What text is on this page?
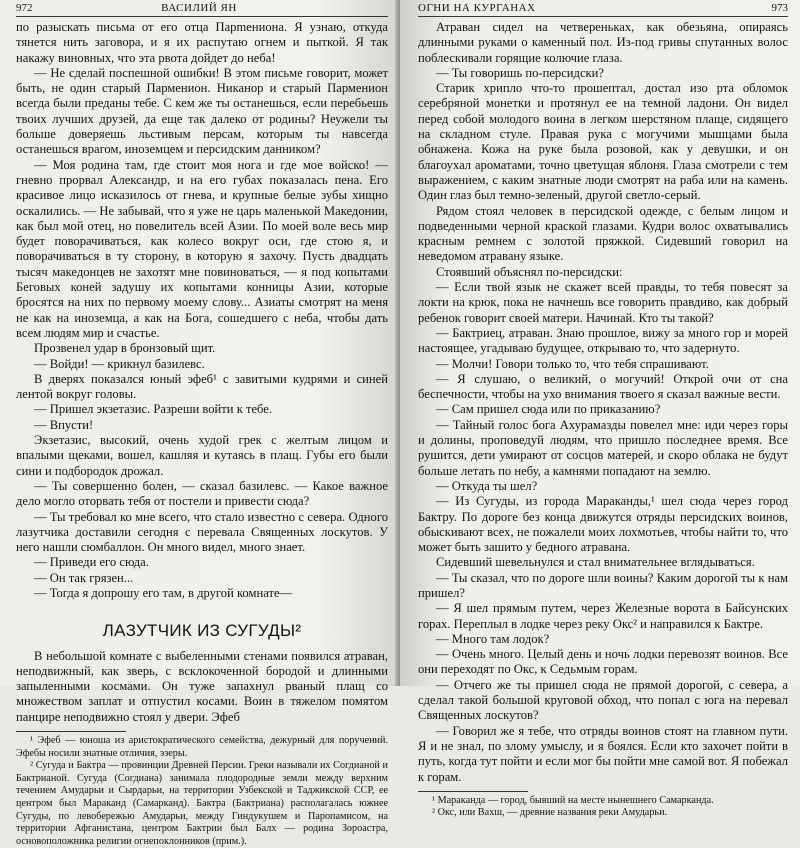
972	ВАСИЛИЙ ЯН

по разыскать письма от его отца Парmeниона. Я узнаю, откуда тянется нить заговора, и я их распутаю огнем и пыткой. Я так накажу виновных, что эта рвота дойдет до неба!

— Не сделай поспешной ошибки! В этом письме говорит, может быть, не один старый Парменион. Никанор и старый Парменион всегда были преданы тебе. С кем же ты останешься, если перебьешь твоих лучших друзей, да еще так далеко от родины? Неужели ты больше доверяешь льстивым персам, которым ты навсегда останешься врагом, иноземцем и персидским данником?

— Моя родина там, где стоит моя нога и где мое войско! — гневно прорвал Александр, и на его губах показалась пена. Его красивое лицо исказилось от гнева, и крупные белые зубы хищно оскалились. — Не забывай, что я уже не царь маленькой Македонии, как был мой отец, но повелитель всей Азии. По моей воле весь мир будет поворачиваться, как колесо вокруг оси, где стою я, и поворачиваться в ту сторону, в которую я захочу. Пусть двадцать тысяч македонцев не захотят мне повиноваться, — я под копытами Беговых коней задушу их копытами конницы Азии, которые бросятся на них по первому моему слову... Азиаты смотрят на меня не как на иноземца, а как на Бога, сошедшего с неба, чтобы дать всем людям мир и счастье.

Прозвенел удар в бронзовый щит.

— Войди! — крикнул базилевс.

В дверях показался юный эфеб¹ с завитыми кудрями и синей лентой вокруг головы.

— Пришел экзетазис. Разреши войти к тебе.

— Впусти!

Экзетазис, высокий, очень худой грек с желтым лицом и впалыми щеками, вошел, кашляя и кутаясь в плащ. Губы его были сини и подбородок дрожал.

— Ты совершенно болен, — сказал базилевс. — Какое важное дело могло оторвать тебя от постели и привести сюда?

— Ты требовал ко мне всего, что стало известно с севера. Одного лазутчика доставили сегодня с перевала Священных лоскутов. У него нашли сюмбаллон. Он много видел, много знает.

— Приведи его сюда.

— Он так грязен...

— Тогда я допрошу его там, в другой комнате—

ЛАЗУТЧИК ИЗ СУГУДЫ²

В небольшой комнате с выбеленными стенами появился атраван, неподвижный, как зверь, с всклокоченной бородой и длинными запыленными космами. Он туже запахнул рваный плащ со множеством заплат и отпустил косами. Воин в тяжелом помятом панцире неподвижно стоял у двери. Эфеб

¹ Эфеб — юноша из аристократического семейства, дежурный для поручений. Эфебы носили знатные отличия, эзеры.

² Сугуда и Бактра — провинции Древней Персии. Греки называли их Согдианой и Бактрианой. Сугуда (Согдиана) занимала плодородные земли между верхним течением Амударьи и Сырдарьи, на территории Узбекской и Таджикской ССР, ее центром был Мараканд (Самарканд). Бактра (Бактриана) располагалась южнее Сугуды, по левобережью Амударьи, между Гиндукушем и Паропамисом, на территории Афганистана, центром Бактрии был Балх — родина Зороастра, основоположника религии огнепоклонников (прим.).

ОГНИ НА КУРГАНАХ	973

Атраван сидел на четвереньках, как обезьяна, опираясь длинными руками о каменный пол. Из-под гривы спутанных волос поблескивали горящие колючие глаза.

— Ты говоришь по-персидски?

Старик хрипло что-то прошептал, достал изо рта обломок серебряной монетки и протянул ее на темной ладони. Он видел перед собой молодого воина в легком шерстяном плаще, сидящего на складном стуле. Правая рука с могучими мышцами была обнажена. Кожа на руке была розовой, как у девушки, и он благоухал ароматами, точно цветущая яблоня. Глаза смотрели с тем выражением, с каким знатные люди смотрят на раба или на камень. Один глаз был темно-зеленый, другой светло-серый.

Рядом стоял человек в персидской одежде, с белым лицом и подведенными черной краской глазами. Кудри волос охватывались красным ремнем с золотой пряжкой. Сидевший говорил на неведомом атравану языке.

Стоявший объяснял по-персидски:

— Если твой язык не скажет всей правды, то тебя повесят за локти на крюк, пока не начнешь все говорить правдиво, как добрый ребенок говорит своей матери. Начинай. Кто ты такой?

— Бактриец, атраван. Знаю прошлое, вижу за много гор и морей настоящее, угадываю будущее, открываю то, что задернуто.

— Молчи! Говори только то, что тебя спрашивают.

— Я слушаю, о великий, о могучий! Открой очи от сна беспечности, чтобы на ухо внимания твоего я сказал важные вести.

— Сам пришел сюда или по приказанию?

— Тайный голос бога Ахурамазды повелел мне: иди через горы и долины, проповедуй людям, что пришло последнее время. Все рушится, дети умирают от сосцов матерей, и скоро облака не будут больше летать по небу, а камнями попадают на землю.

— Откуда ты шел?

— Из Сугуды, из города Мараканды,¹ шел сюда через город Бактру. По дороге без конца движутся отряды персидских воинов, обыскивают всех, не пожалели моих лохмотьев, чтобы найти то, что может быть зашито у бедного атравана.

Сидевший шевельнулся и стал внимательнее вглядываться.

— Ты сказал, что по дороге шли воины? Каким дорогой ты к нам пришел?

— Я шел прямым путем, через Железные ворота в Байсунских горах. Переплыл в лодке через реку Окс² и направился к Бактре.

— Много там лодок?

— Очень много. Целый день и ночь лодки перевозят воинов. Все они переходят по Окс, к Седьмым горам.

— Отчего же ты пришел сюда не прямой дорогой, с севера, а сделал такой большой круговой обход, что попал с юга на перевал Священных лоскутов?

— Говорил же я тебе, что отряды воинов стоят на главном пути. Я и не знал, по злому умыслу, и я боялся. Если кто захочет пойти в путь, когда тут пойти и если мог бы пойти мне самой вот. Я побежал к горам.

¹ Мараканда — город, бывший на месте нынешнего Самарканда.

² Окс, или Вахш, — древние названия реки Амударьи.
